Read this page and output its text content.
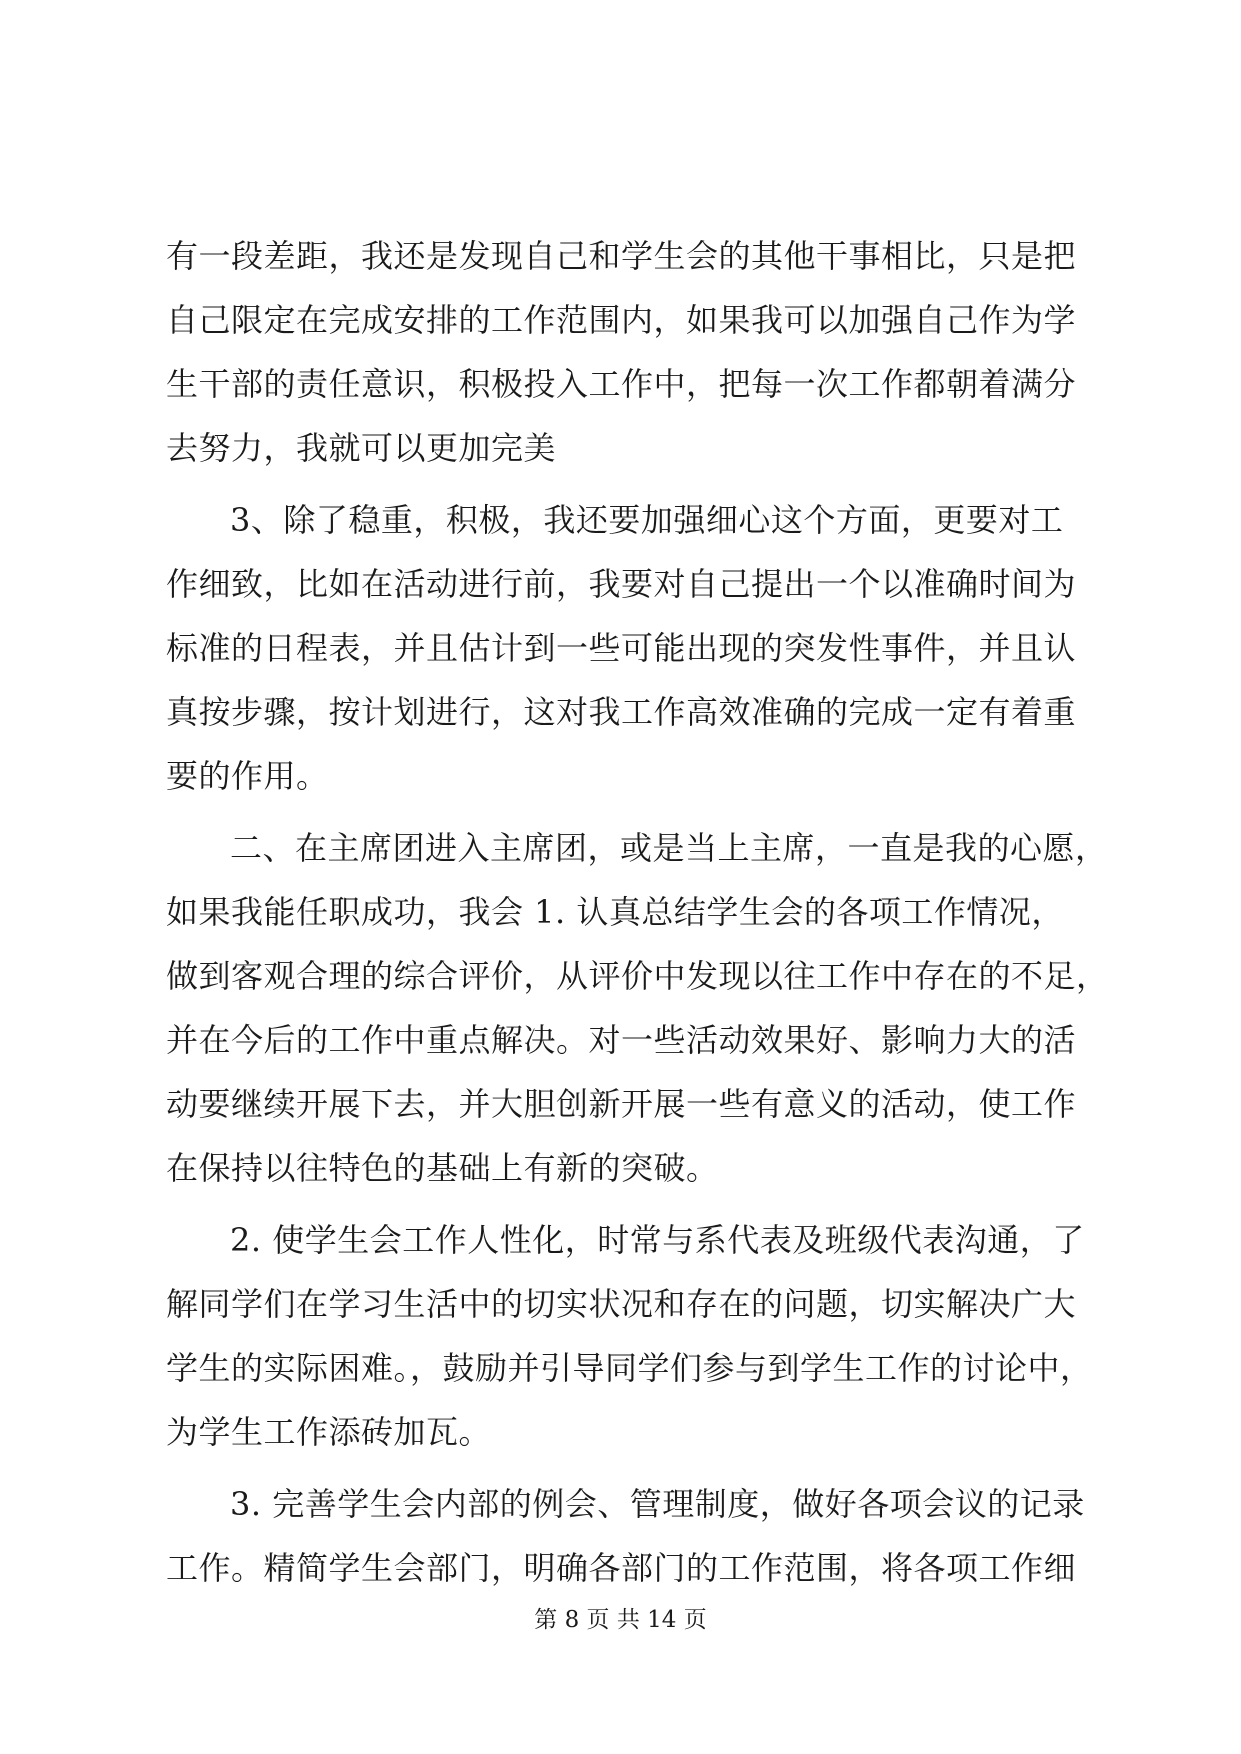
有一段差距，我还是发现自己和学生会的其他干事相比，只是把
自己限定在完成安排的工作范围内，如果我可以加强自己作为学
生干部的责任意识，积极投入工作中，把每一次工作都朝着满分
去努力，我就可以更加完美
3、除了稳重，积极，我还要加强细心这个方面，更要对工
作细致，比如在活动进行前，我要对自己提出一个以准确时间为
标准的日程表，并且估计到一些可能出现的突发性事件，并且认
真按步骤，按计划进行，这对我工作高效准确的完成一定有着重
要的作用。
二、在主席团进入主席团，或是当上主席，一直是我的心愿，
如果我能任职成功，我会 1. 认真总结学生会的各项工作情况，
做到客观合理的综合评价，从评价中发现以往工作中存在的不足，
并在今后的工作中重点解决。对一些活动效果好、影响力大的活
动要继续开展下去，并大胆创新开展一些有意义的活动，使工作
在保持以往特色的基础上有新的突破。
2. 使学生会工作人性化，时常与系代表及班级代表沟通，了
解同学们在学习生活中的切实状况和存在的问题，切实解决广大
学生的实际困难。，鼓励并引导同学们参与到学生工作的讨论中，
为学生工作添砖加瓦。
3. 完善学生会内部的例会、管理制度，做好各项会议的记录
工作。精简学生会部门，明确各部门的工作范围，将各项工作细
第 8 页 共 14 页
